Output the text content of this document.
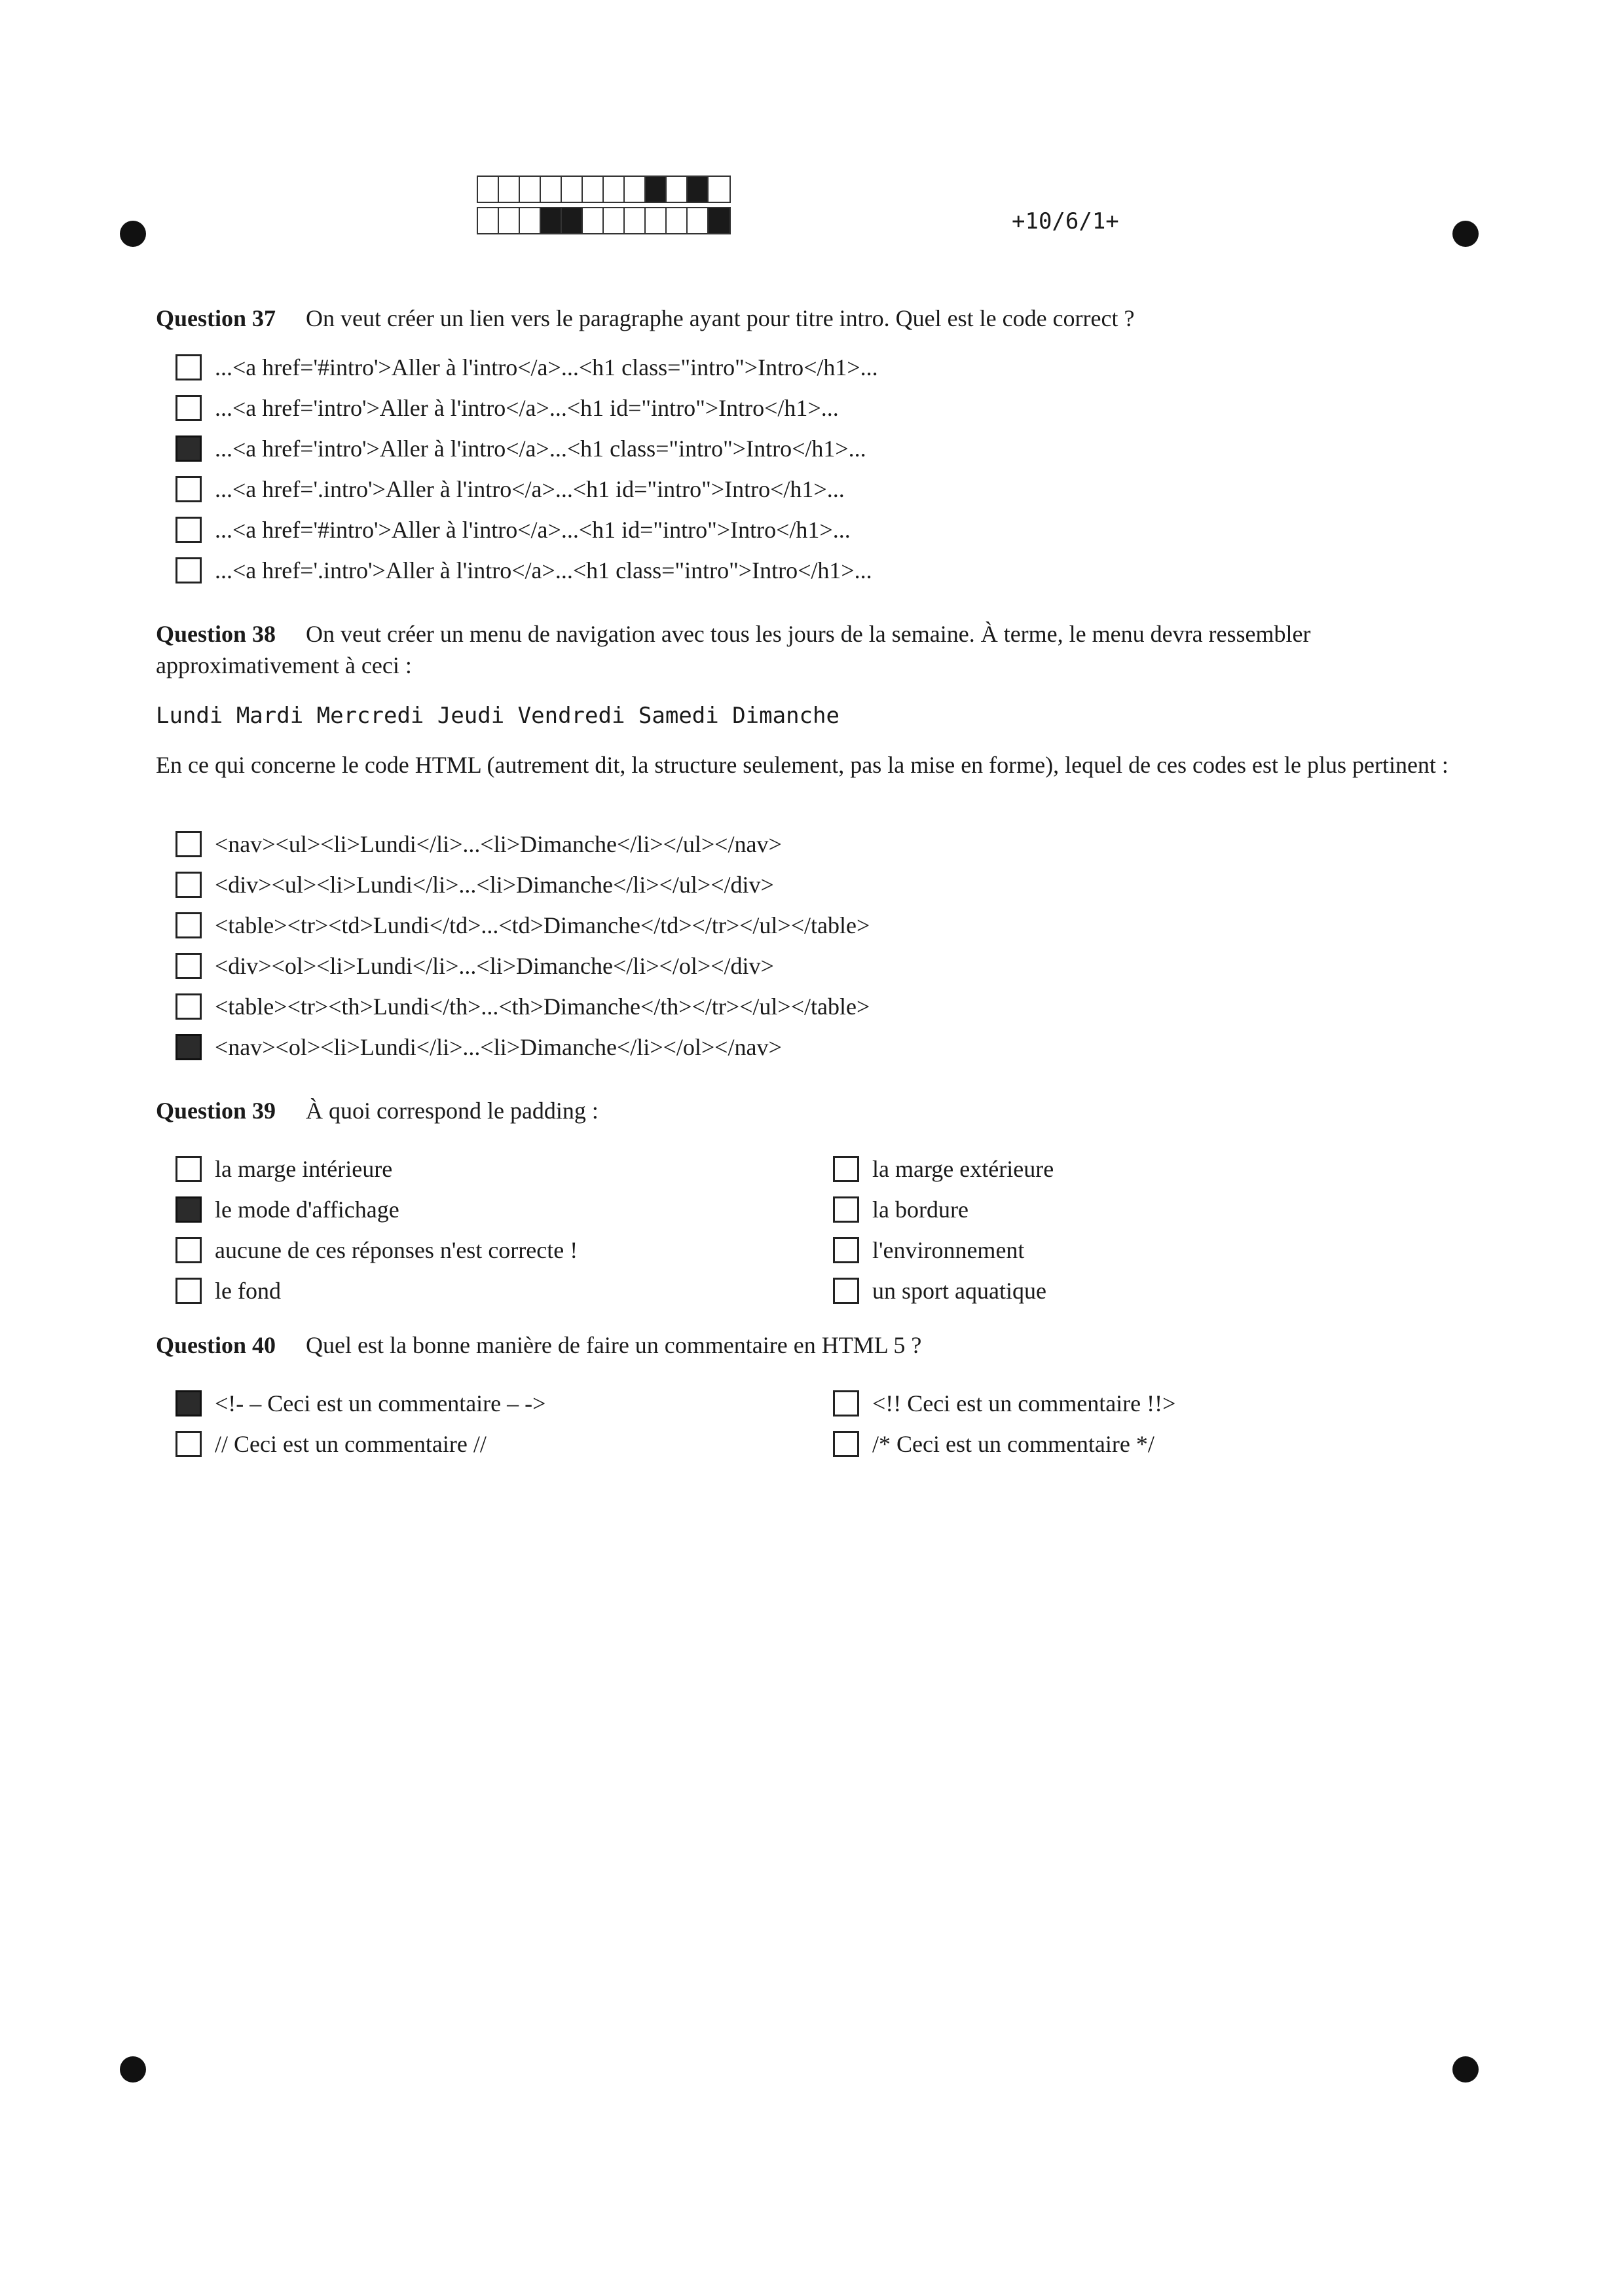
+10/6/1+
Question 37 On veut créer un lien vers le paragraphe ayant pour titre intro. Quel est le code correct ?
...<a href='#intro'>Aller à l'intro</a>...<h1 class="intro">Intro</h1>...
...<a href='intro'>Aller à l'intro</a>...<h1 id="intro">Intro</h1>...
...<a href='intro'>Aller à l'intro</a>...<h1 class="intro">Intro</h1>...
...<a href='.intro'>Aller à l'intro</a>...<h1 id="intro">Intro</h1>...
...<a href='#intro'>Aller à l'intro</a>...<h1 id="intro">Intro</h1>...
...<a href='.intro'>Aller à l'intro</a>...<h1 class="intro">Intro</h1>...
Question 38 On veut créer un menu de navigation avec tous les jours de la semaine. À terme, le menu devra ressembler approximativement à ceci :
Lundi Mardi Mercredi Jeudi Vendredi Samedi Dimanche
En ce qui concerne le code HTML (autrement dit, la structure seulement, pas la mise en forme), lequel de ces codes est le plus pertinent :
<nav><ul><li>Lundi</li>...<li>Dimanche</li></ul></nav>
<div><ul><li>Lundi</li>...<li>Dimanche</li></ul></div>
<table><tr><td>Lundi</td>...<td>Dimanche</td></tr></ul></table>
<div><ol><li>Lundi</li>...<li>Dimanche</li></ol></div>
<table><tr><th>Lundi</th>...<th>Dimanche</th></tr></ul></table>
<nav><ol><li>Lundi</li>...<li>Dimanche</li></ol></nav>
Question 39 À quoi correspond le padding :
la marge intérieure	la marge extérieure
le mode d'affichage	la bordure
aucune de ces réponses n'est correcte !	l'environnement
le fond	un sport aquatique
Question 40 Quel est la bonne manière de faire un commentaire en HTML 5 ?
<!- – Ceci est un commentaire – ->	<!! Ceci est un commentaire !!>
// Ceci est un commentaire //	/* Ceci est un commentaire */
